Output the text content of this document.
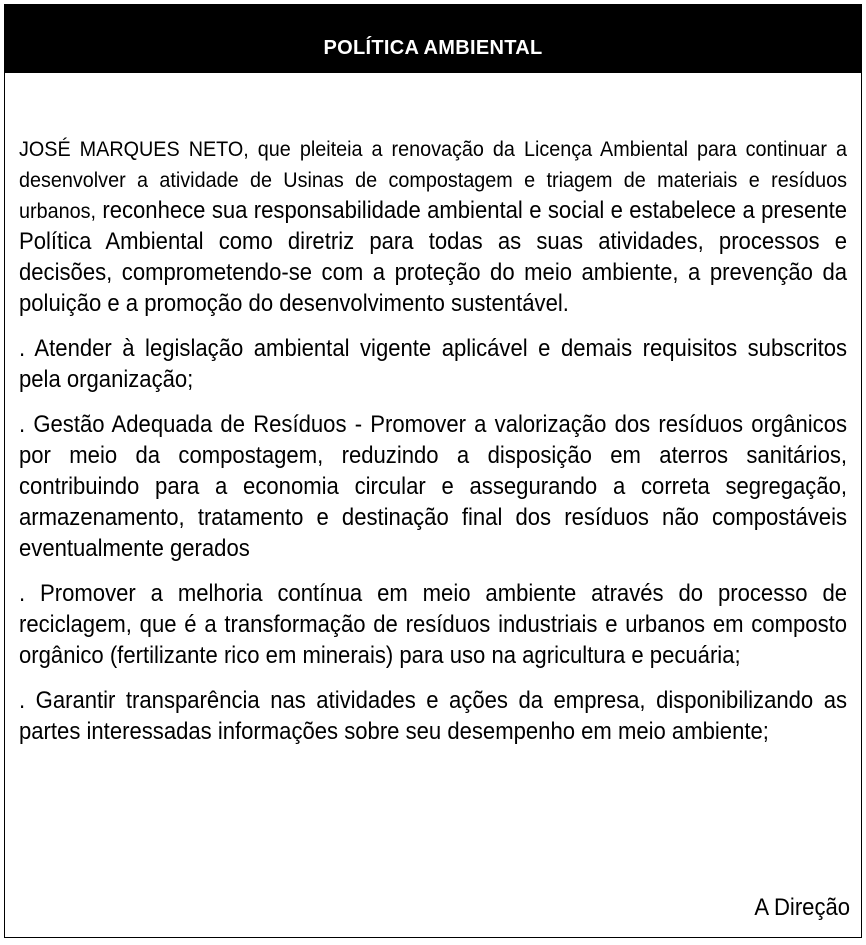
POLÍTICA AMBIENTAL

JOSÉ MARQUES NETO, que pleiteia a renovação da Licença Ambiental para continuar a desenvolver a atividade de Usinas de compostagem e triagem de materiais e resíduos urbanos, reconhece sua responsabilidade ambiental e social e estabelece a presente Política Ambiental como diretriz para todas as suas atividades, processos e decisões, comprometendo-se com a proteção do meio ambiente, a prevenção da poluição e a promoção do desenvolvimento sustentável.

. Atender à legislação ambiental vigente aplicável e demais requisitos subscritos pela organização;

. Gestão Adequada de Resíduos - Promover a valorização dos resíduos orgânicos por meio da compostagem, reduzindo a disposição em aterros sanitários, contribuindo para a economia circular e assegurando a correta segregação, armazenamento, tratamento e destinação final dos resíduos não compostáveis eventualmente gerados

. Promover a melhoria contínua em meio ambiente através do processo de reciclagem, que é a transformação de resíduos industriais e urbanos em composto orgânico (fertilizante rico em minerais) para uso na agricultura e pecuária;

. Garantir transparência nas atividades e ações da empresa, disponibilizando as partes interessadas informações sobre seu desempenho em meio ambiente;

A Direção
